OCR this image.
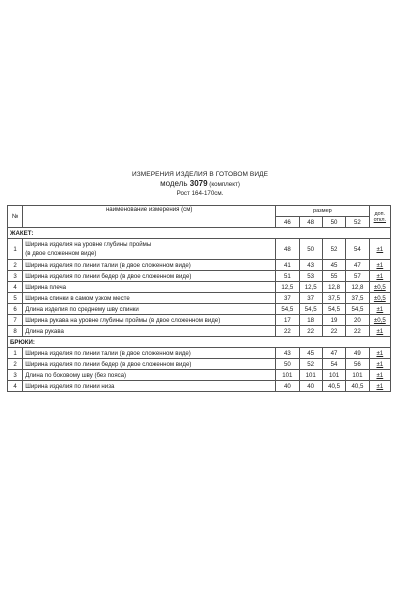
ИЗМЕРЕНИЯ ИЗДЕЛИЯ В ГОТОВОМ ВИДЕ
модель 3079 (комплект)
Рост 164-170см.
№	наименование измерения (см)	размер				доп.
откл.

		46	48	50	52	
ЖАКЕТ:						
1	Ширина изделия на уровне глубины проймы
(в двое сложенном виде)	48	50	52	54	±1
2	Ширина изделия по линии талии (в двое сложенном виде)	41	43	45	47	±1
3	Ширина изделия по линии бедер (в двое сложенном виде)	51	53	55	57	±1
4	Ширина плеча	12,5	12,5	12,8	12,8	±0,5
5	Ширина спинки в самом узком месте	37	37	37,5	37,5	±0,5
6	Длина изделия по среднему шву спинки	54,5	54,5	54,5	54,5	±1
7	Ширина рукава на уровне глубины проймы (в двое сложенном виде)	17	18	19	20	±0,5
8	Длина рукава	22	22	22	22	±1
БРЮКИ:						
1	Ширина изделия по линии талии (в двое сложенном виде)	43	45	47	49	±1
2	Ширина изделия по линии бедер (в двое сложенном виде)	50	52	54	56	±1
3	Длина по боковому шву (без пояса)	101	101	101	101	±1
4	Ширина изделия по линии низа	40	40	40,5	40,5	±1
